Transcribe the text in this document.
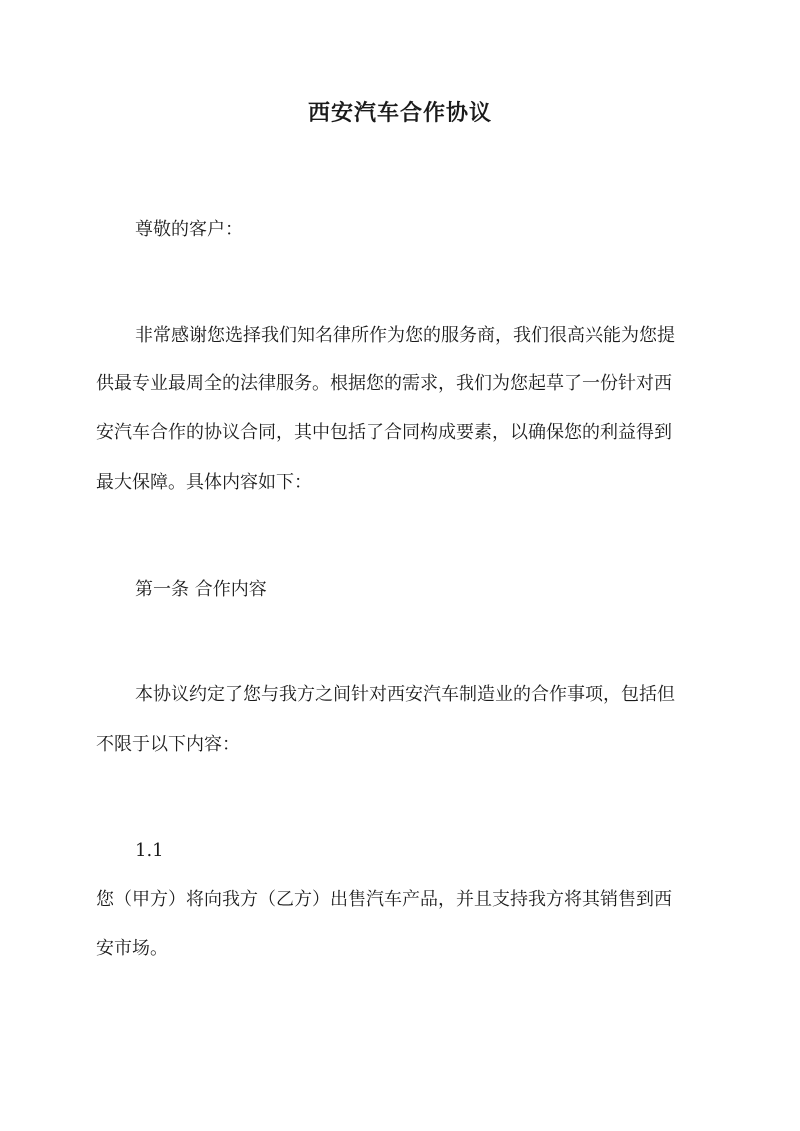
西安汽车合作协议
尊敬的客户：
非常感谢您选择我们知名律所作为您的服务商，我们很高兴能为您提
供最专业最周全的法律服务。根据您的需求，我们为您起草了一份针对西
安汽车合作的协议合同，其中包括了合同构成要素，以确保您的利益得到
最大保障。具体内容如下：
第一条 合作内容
本协议约定了您与我方之间针对西安汽车制造业的合作事项，包括但
不限于以下内容：
1.1
您（甲方）将向我方（乙方）出售汽车产品，并且支持我方将其销售到西
安市场。
